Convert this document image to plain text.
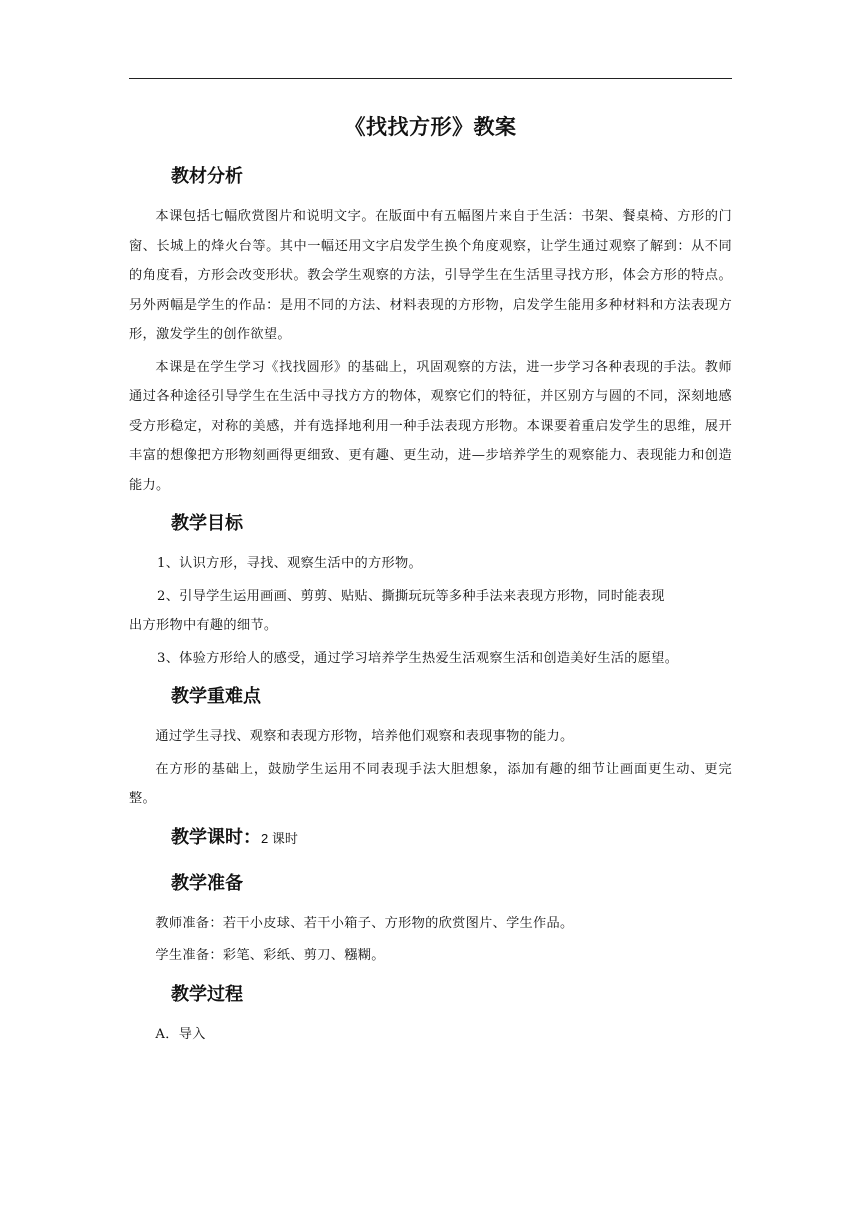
《找找方形》教案
教材分析

本课包括七幅欣赏图片和说明文字。在版面中有五幅图片来自于生活：书架、餐桌椅、方形的门窗、长城上的烽火台等。其中一幅还用文字启发学生换个角度观察，让学生通过观察了解到：从不同的角度看，方形会改变形状。教会学生观察的方法，引导学生在生活里寻找方形，体会方形的特点。另外两幅是学生的作品：是用不同的方法、材料表现的方形物，启发学生能用多种材料和方法表现方形，激发学生的创作欲望。

本课是在学生学习《找找圆形》的基础上，巩固观察的方法，进一步学习各种表现的手法。教师通过各种途径引导学生在生活中寻找方方的物体，观察它们的特征，并区别方与圆的不同，深刻地感受方形稳定，对称的美感，并有选择地利用一种手法表现方形物。本课要着重启发学生的思维，展开丰富的想像把方形物刻画得更细致、更有趣、更生动，进—步培养学生的观察能力、表现能力和创造能力。

教学目标
1、认识方形，寻找、观察生活中的方形物。
2、引导学生运用画画、剪剪、贴贴、撕撕玩玩等多种手法来表现方形物，同时能表现
出方形物中有趣的细节。
3、体验方形给人的感受，通过学习培养学生热爱生活观察生活和创造美好生活的愿望。
教学重难点

通过学生寻找、观察和表现方形物，培养他们观察和表现事物的能力。

在方形的基础上，鼓励学生运用不同表现手法大胆想象，添加有趣的细节让画面更生动、更完整。

教学课时：2 课时
教学准备

教师准备：若干小皮球、若干小箱子、方形物的欣赏图片、学生作品。

学生准备：彩笔、彩纸、剪刀、糨糊。

教学过程

A．导入
